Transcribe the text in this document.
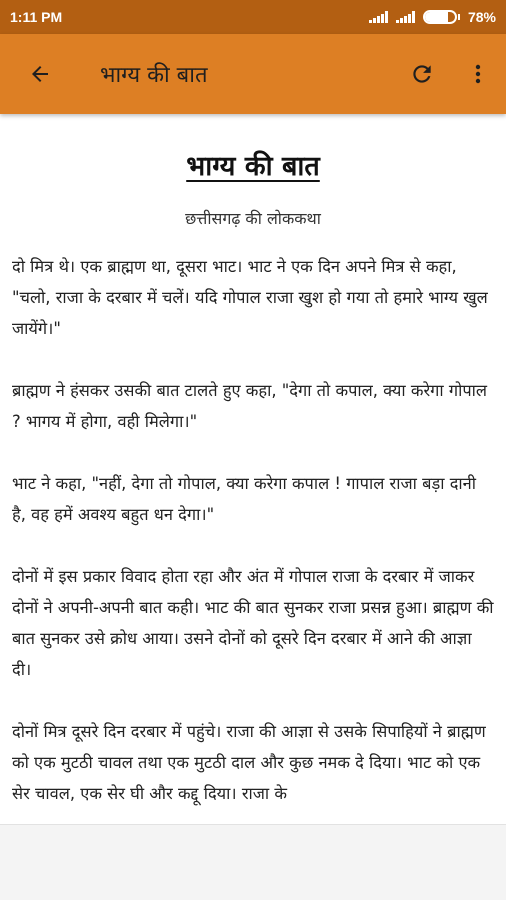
1:11 PM	78%
भाग्य की बात
भाग्य की बात
छत्तीसगढ़ की लोककथा

दो मित्र थे। एक ब्राह्मण था, दूसरा भाट। भाट ने एक दिन अपने मित्र से कहा, "चलो, राजा के दरबार में चलें। यदि गोपाल राजा खुश हो गया तो हमारे भाग्य खुल जायेंगे।"

ब्राह्मण ने हंसकर उसकी बात टालते हुए कहा, "देगा तो कपाल, क्या करेगा गोपाल ? भागय में होगा, वही मिलेगा।"

भाट ने कहा, "नहीं, देगा तो गोपाल, क्या करेगा कपाल ! गापाल राजा बड़ा दानी है, वह हमें अवश्य बहुत धन देगा।"

दोनों में इस प्रकार विवाद होता रहा और अंत में गोपाल राजा के दरबार में जाकर दोनों ने अपनी-अपनी बात कही। भाट की बात सुनकर राजा प्रसन्न हुआ। ब्राह्मण की बात सुनकर उसे क्रोध आया। उसने दोनों को दूसरे दिन दरबार में आने की आज्ञा दी।

दोनों मित्र दूसरे दिन दरबार में पहुंचे। राजा की आज्ञा से उसके सिपाहियों ने ब्राह्मण को एक मुटठी चावल तथा एक मुटठी दाल और कुछ नमक दे दिया। भाट को एक सेर चावल, एक सेर घी और कद्दू दिया। राजा के
